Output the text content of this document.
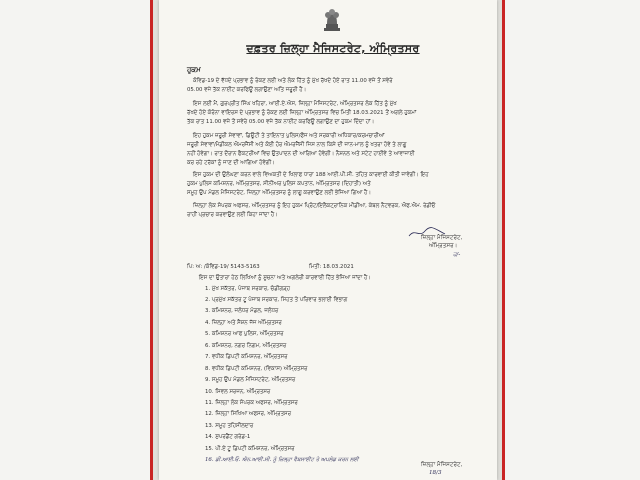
ਦਫ਼ਤਰ ਜ਼ਿਲ੍ਹਾ ਮੈਜਿਸਟਰੇਟ, ਅੰਮ੍ਰਿਤਸਰ
ਹੁਕਮ
ਕੋਵਿਡ-19 ਦੇ ਵੱਧਦੇ ਪ੍ਰਭਾਵ ਨੂੰ ਰੋਕਣ ਲਈ ਅਤੇ ਲੋਕ ਹਿੱਤ ਨੂੰ ਮੁੱਖ ਰੱਖਦੇ ਹੋਏ ਰਾਤ 11.00 ਵਜੇ ਤੋਂ ਸਵੇਰੇ
05.00 ਵਜੇ ਤੱਕ ਨਾਈਟ ਕਰਫਿਊ ਲਗਾਉਣਾ ਅਤਿ ਜਰੂਰੀ ਹੈ।
ਇਸ ਲਈ ਮੈਂ, ਗੁਰਪ੍ਰੀਤ ਸਿੰਘ ਖਹਿਰਾ, ਆਈ.ਏ.ਐਸ, ਜ਼ਿਲ੍ਹਾ ਮੈਜਿਸਟਰੇਟ, ਅੰਮ੍ਰਿਤਸਰ ਲੋਕ ਹਿੱਤ ਨੂੰ ਮੁੱਖ
ਰੱਖਦੇ ਹੋਏ ਕੋਰੋਨਾ ਵਾਇਰਸ ਦੇ ਪ੍ਰਭਾਵ ਨੂੰ ਰੋਕਣ ਲਈ ਜ਼ਿਲ੍ਹਾ ਅੰਮ੍ਰਿਤਸਰ ਵਿਚ ਮਿਤੀ 18.03.2021 ਤੋਂ ਅਗਲੇ ਹੁਕਮਾਂ
ਤੱਕ ਰਾਤ 11.00 ਵਜੇ ਤੋਂ ਸਵੇਰੇ 05.00 ਵਜੇ ਤੱਕ ਨਾਈਟ ਕਰਫਿਊ ਲਗਾਉਣ ਦਾ ਹੁਕਮ ਦਿੰਦਾ ਹਾਂ।
ਇਹ ਹੁਕਮ ਜ਼ਰੂਰੀ ਸੇਵਾਵਾਂ, ਡਿਊਟੀ ਤੇ ਤਾਇਨਾਤ ਪੁਲਿਸ/ਫੌਜ ਅਤੇ ਸਰਕਾਰੀ ਅਧਿਕਾਰ/ਕਰਮਚਾਰੀਆਂ
ਜਰੂਰੀ ਸੇਵਾਵਾਂ/ਮੈਡੀਕਲ ਐਮਰਜੈਂਸੀ ਅਤੇ ਕੋਈ ਹੋਰ ਐਮਰਜੈਂਸੀ ਜਿਸ ਨਾਲ ਕਿਸੇ ਦੀ ਜਾਨ-ਮਾਲ ਨੂੰ ਖਤਰਾ ਹੋਵੇ ਤੇ ਲਾਗੂ
ਨਹੀਂ ਹੋਵੇਗਾ। ਰਾਤ ਦੌਰਾਨ ਫੈਕਟਰੀਆਂ ਵਿਚ ਉਤਪਾਦਨ ਦੀ ਆਗਿਆ ਹੋਵੇਗੀ। ਨੈਸ਼ਨਲ ਅਤੇ ਸਟੇਟ ਹਾਈਵੇ ਤੇ ਆਵਾਜਾਈ
ਕਰ ਰਹੇ ਟਰੱਕਾਂ ਨੂੰ ਜਾਣ ਦੀ ਆਗਿਆ ਹੋਵੇਗੀ।
ਇਸ ਹੁਕਮ ਦੀ ਉਲੰਘਣਾ ਕਰਨ ਵਾਲੇ ਵਿਅਕਤੀ ਦੇ ਖਿਲਾਫ ਧਾਰਾ 188 ਆਈ.ਪੀ.ਸੀ. ਤਹਿਤ ਕਾਰਵਾਈ ਕੀਤੀ ਜਾਵੇਗੀ। ਇਹ
ਹੁਕਮ ਪੁਲਿਸ ਕਮਿਸ਼ਨਰ, ਅੰਮ੍ਰਿਤਸਰ, ਸੀਨੀਅਰ ਪੁਲਿਸ ਕਪਤਾਨ, ਅੰਮ੍ਰਿਤਸਰ (ਦਿਹਾਤੀ) ਅਤੇ
ਸਮੂਹ ਉਪ ਮੰਡਲ ਮੈਜਿਸਟਰੇਟ, ਜ਼ਿਲ੍ਹਾ ਅੰਮ੍ਰਿਤਸਰ ਨੂੰ ਲਾਗੂ ਕਰਵਾਉਣ ਲਈ ਭੇਜਿਆ ਗਿਆ ਹੈ।
ਜ਼ਿਲ੍ਹਾ ਲੋਕ ਸੰਪਰਕ ਅਫਸਰ, ਅੰਮ੍ਰਿਤਸਰ ਨੂੰ ਇਹ ਹੁਕਮ ਪ੍ਰਿੰਟ/ਇਲੈਕਟ੍ਰਾਨਿਕ ਮੀਡੀਆ, ਕੇਬਲ ਨੈਟਵਰਕ, ਐਫ.ਐਮ. ਰੇਡੀਓ
ਰਾਹੀਂ ਪ੍ਰਚਾਰ ਕਰਵਾਉਣ ਲਈ ਕਿਹਾ ਜਾਂਦਾ ਹੈ।
ਜ਼ਿਲ੍ਹਾ ਮੈਜਿਸਟਰੇਟ,
ਅੰਮ੍ਰਿਤਸਰ।
ਹ/-
ਪਿ: ਅ: /ਕੋਵਿਡ-19/ 5143-5163	ਮਿਤੀ: 18.03.2021
ਇਸ ਦਾ ਉਤਾਰਾ ਹੇਠ ਲਿਖਿਆਂ ਨੂੰ ਸੂਚਨਾ ਅਤੇ ਅਗਲੇਰੀ ਕਾਰਵਾਈ ਹਿੱਤ ਭੇਜਿਆ ਜਾਂਦਾ ਹੈ।
1. ਮੁੱਖ ਸਕੱਤਰ, ਪੰਜਾਬ ਸਰਕਾਰ, ਚੰਡੀਗੜ੍ਹ
2. ਪ੍ਰਮੁੱਖ ਸਕੱਤਰ ਟੂ ਪੰਜਾਬ ਸਰਕਾਰ, ਸਿਹਤ ਤੇ ਪਰਿਵਾਰ ਭਲਾਈ ਵਿਭਾਗ
3. ਕਮਿਸ਼ਨਰ, ਜਲੰਧਰ ਮੰਡਲ, ਜਲੰਧਰ
4. ਜ਼ਿਲ੍ਹਾ ਅਤੇ ਸੈਸ਼ਨ ਜੱਜ ਅੰਮ੍ਰਿਤਸਰ
5. ਕਮਿਸ਼ਨਰ ਆਫ ਪੁਲਿਸ, ਅੰਮ੍ਰਿਤਸਰ
6. ਕਮਿਸ਼ਨਰ, ਨਗਰ ਨਿਗਮ, ਅੰਮ੍ਰਿਤਸਰ
7. ਵਧੀਕ ਡਿਪਟੀ ਕਮਿਸ਼ਨਰ, ਅੰਮ੍ਰਿਤਸਰ
8. ਵਧੀਕ ਡਿਪਟੀ ਕਮਿਸ਼ਨਰ, (ਵਿਕਾਸ) ਅੰਮ੍ਰਿਤਸਰ
9. ਸਮੂਹ ਉਪ ਮੰਡਲ ਮੈਜਿਸਟਰੇਟ, ਅੰਮ੍ਰਿਤਸਰ
10. ਸਿਵਲ ਸਰਜਨ, ਅੰਮ੍ਰਿਤਸਰ
11. ਜ਼ਿਲ੍ਹਾ ਲੋਕ ਸੰਪਰਕ ਅਫਸਰ, ਅੰਮ੍ਰਿਤਸਰ
12. ਜ਼ਿਲ੍ਹਾ ਸਿਖਿਆ ਅਫਸਰ, ਅੰਮ੍ਰਿਤਸਰ
13. ਸਮੂਹ ਤਹਿਸੀਲਦਾਰ
14. ਸੁਪਰਡੈਂਟ ਗਰੇਡ-1
15. ਪੀ.ਏ ਟੂ ਡਿਪਟੀ ਕਮਿਸ਼ਨਰ, ਅੰਮ੍ਰਿਤਸਰ
16. ਡੀ.ਆਈ.ਓ. ਐਨ.ਆਈ.ਸੀ. ਨੂੰ ਜ਼ਿਲ੍ਹਾ ਵੈਬਸਾਈਟ ਤੇ ਅਪਲੋਡ ਕਰਨ ਲਈ
ਜ਼ਿਲ੍ਹਾ ਮੈਜਿਸਟਰੇਟ,
18/3
